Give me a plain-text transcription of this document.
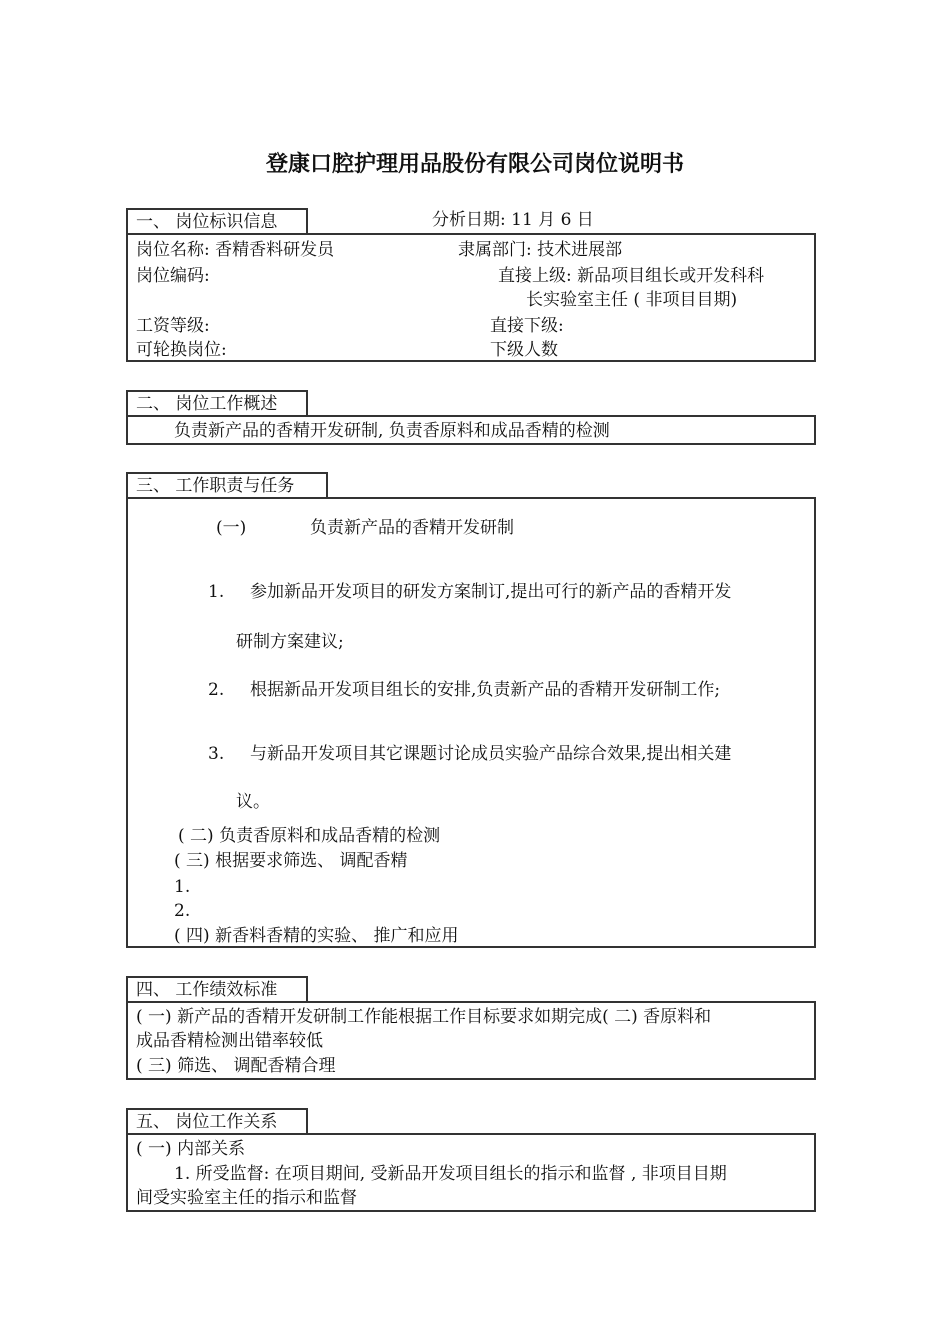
登康口腔护理用品股份有限公司岗位说明书
一、 岗位标识信息	分析日期: 11 月 6 日
岗位名称: 香精香料研发员	隶属部门: 技术进展部
岗位编码:	直接上级: 新品项目组长或开发科科
长实验室主任 ( 非项目目期)
工资等级:	直接下级:
可轮换岗位:	下级人数
二、 岗位工作概述
负责新产品的香精开发研制, 负责香原料和成品香精的检测
三、 工作职责与任务
(一)	负责新产品的香精开发研制
1. 参加新品开发项目的研发方案制订,提出可行的新产品的香精开发
研制方案建议;
2. 根据新品开发项目组长的安排,负责新产品的香精开发研制工作;
3. 与新品开发项目其它课题讨论成员实验产品综合效果,提出相关建
议。
( 二) 负责香原料和成品香精的检测
( 三) 根据要求筛选、 调配香精
1.
2.
( 四) 新香料香精的实验、 推广和应用
四、 工作绩效标准
( 一) 新产品的香精开发研制工作能根据工作目标要求如期完成( 二) 香原料和
成品香精检测出错率较低
( 三) 筛选、 调配香精合理
五、 岗位工作关系
( 一) 内部关系
1. 所受监督: 在项目期间, 受新品开发项目组长的指示和监督 , 非项目目期
间受实验室主任的指示和监督
